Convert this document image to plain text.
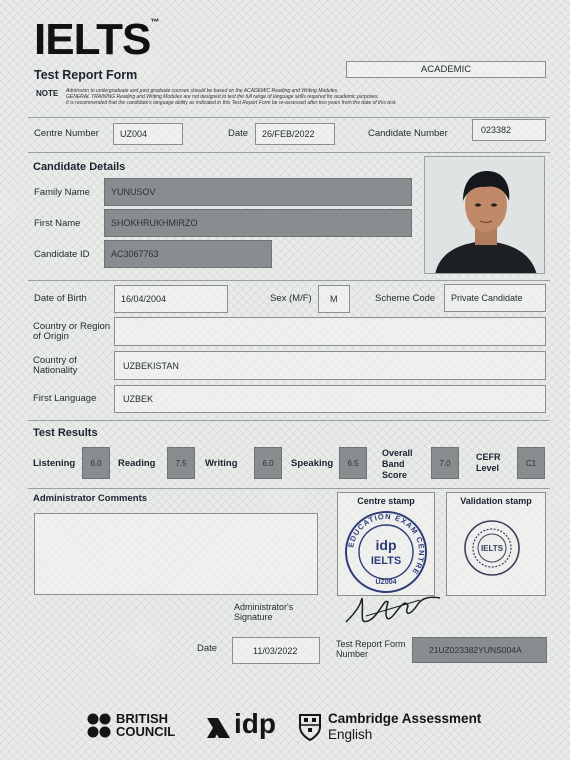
IELTS™
Test Report Form	ACADEMIC
NOTE Admission to undergraduate and post graduate courses should be based on the ACADEMIC Reading and Writing Modules.
GENERAL TRAINING Reading and Writing Modules are not designed to test the full range of language skills required for academic purposes.
It is recommended that the candidate's language ability as indicated in this Test Report Form be re-assessed after two years from the date of this test.
Centre Number	UZ004	Date	26/FEB/2022	Candidate Number	023382
Candidate Details
Family Name	YUNUSOV
First Name	SHOKHRUKHMIRZO
Candidate ID	AC3067763
Date of Birth	16/04/2004	Sex (M/F)	M	Scheme Code	Private Candidate
Country or Region of Origin
Country of Nationality	UZBEKISTAN
First Language	UZBEK
Test Results
Listening	6.0	Reading	7.5	Writing	6.0	Speaking	6.5
Overall Band Score
7.0
CEFR Level	C1
Administrator Comments	Centre stamp
EDUCATION EXAM CENTRE
idp
IELTS
UZ004
Validation stamp
IELTS
Administrator's Signature
Date	11/03/2022
Test Report Form Number	21UZ023382YUNS004A
BRITISH COUNCIL	idp	Cambridge Assessment
English
